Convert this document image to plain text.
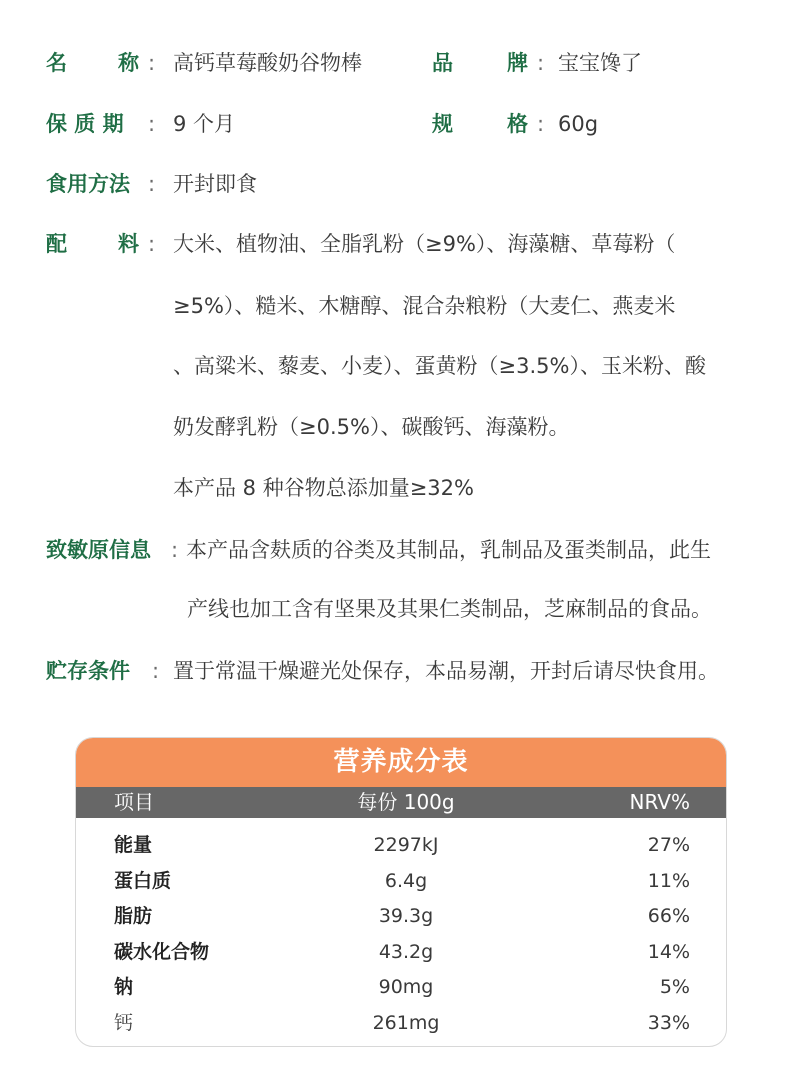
名 称 : 高钙草莓酸奶谷物棒	品	牌 : 宝宝馋了
保 质 期 : 9 个月	规	格 : 60g
食用方法 : 开封即食
配 料 : 大米、植物油、全脂乳粉（≥9%）、海藻糖、草莓粉（
≥5%）、糙米、木糖醇、混合杂粮粉（大麦仁、燕麦米
、高粱米、藜麦、小麦）、蛋黄粉（≥3.5%）、玉米粉、酸
奶发酵乳粉（≥0.5%）、碳酸钙、海藻粉。
本产品 8 种谷物总添加量≥32%
致敏原信息 : 本产品含麸质的谷类及其制品，乳制品及蛋类制品，此生
产线也加工含有坚果及其果仁类制品，芝麻制品的食品。
贮存条件 : 置于常温干燥避光处保存，本品易潮，开封后请尽快食用。
营养成分表
项目	每份 100g	NRV%
能量	2297kJ	27%
蛋白质	6.4g	11%
脂肪	39.3g	66%
碳水化合物	43.2g	14%
钠	90mg	5%
钙	261mg	33%
